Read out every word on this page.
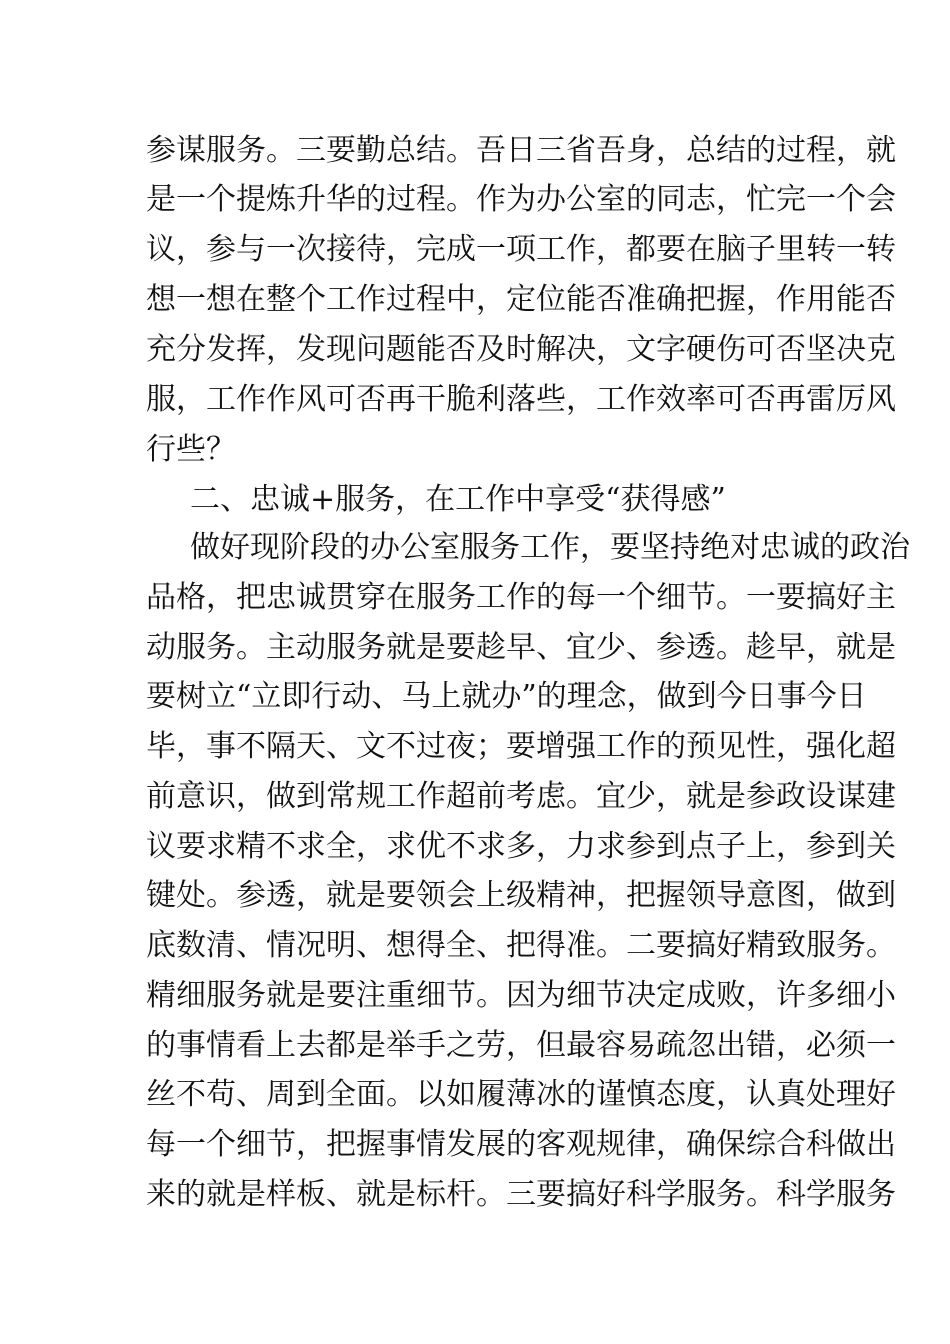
参谋服务。三要勤总结。吾日三省吾身，总结的过程，就
是一个提炼升华的过程。作为办公室的同志，忙完一个会
议，参与一次接待，完成一项工作，都要在脑子里转一转
想一想在整个工作过程中，定位能否准确把握，作用能否
充分发挥，发现问题能否及时解决，文字硬伤可否坚决克
服，工作作风可否再干脆利落些，工作效率可否再雷厉风
行些？
二、忠诚+服务，在工作中享受“获得感”
做好现阶段的办公室服务工作，要坚持绝对忠诚的政治
品格，把忠诚贯穿在服务工作的每一个细节。一要搞好主
动服务。主动服务就是要趁早、宜少、参透。趁早，就是
要树立“立即行动、马上就办”的理念，做到今日事今日
毕，事不隔天、文不过夜；要增强工作的预见性，强化超
前意识，做到常规工作超前考虑。宜少，就是参政设谋建
议要求精不求全，求优不求多，力求参到点子上，参到关
键处。参透，就是要领会上级精神，把握领导意图，做到
底数清、情况明、想得全、把得准。二要搞好精致服务。
精细服务就是要注重细节。因为细节决定成败，许多细小
的事情看上去都是举手之劳，但最容易疏忽出错，必须一
丝不苟、周到全面。以如履薄冰的谨慎态度，认真处理好
每一个细节，把握事情发展的客观规律，确保综合科做出
来的就是样板、就是标杆。三要搞好科学服务。科学服务
